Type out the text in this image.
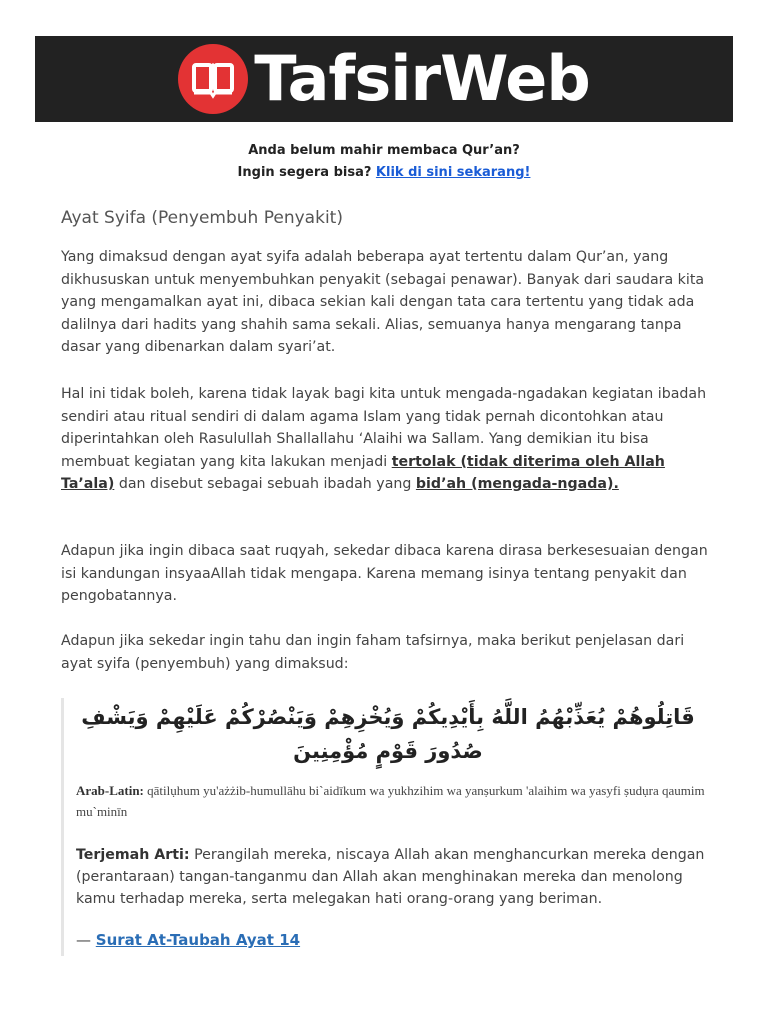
TafsirWeb
Anda belum mahir membaca Qur’an?
Ingin segera bisa? Klik di sini sekarang!
Ayat Syifa (Penyembuh Penyakit)

Yang dimaksud dengan ayat syifa adalah beberapa ayat tertentu dalam Qur’an, yang dikhususkan untuk menyembuhkan penyakit (sebagai penawar). Banyak dari saudara kita yang mengamalkan ayat ini, dibaca sekian kali dengan tata cara tertentu yang tidak ada dalilnya dari hadits yang shahih sama sekali. Alias, semuanya hanya mengarang tanpa dasar yang dibenarkan dalam syari’at.

Hal ini tidak boleh, karena tidak layak bagi kita untuk mengada-ngadakan kegiatan ibadah sendiri atau ritual sendiri di dalam agama Islam yang tidak pernah dicontohkan atau diperintahkan oleh Rasulullah Shallallahu ‘Alaihi wa Sallam. Yang demikian itu bisa membuat kegiatan yang kita lakukan menjadi tertolak (tidak diterima oleh Allah Ta’ala) dan disebut sebagai sebuah ibadah yang bid’ah (mengada-ngada).

Adapun jika ingin dibaca saat ruqyah, sekedar dibaca karena dirasa berkesesuaian dengan isi kandungan insyaaAllah tidak mengapa. Karena memang isinya tentang penyakit dan pengobatannya.

Adapun jika sekedar ingin tahu dan ingin faham tafsirnya, maka berikut penjelasan dari ayat syifa (penyembuh) yang dimaksud:

قَاتِلُوهُمْ يُعَذِّبْهُمُ اللَّهُ بِأَيْدِيكُمْ وَيُخْزِهِمْ وَيَنْصُرْكُمْ عَلَيْهِمْ وَيَشْفِ صُدُورَ قَوْمٍ مُؤْمِنِينَ
Arab-Latin: qātilụhum yu'ażżib-humullāhu bi`aidīkum wa yukhzihim wa yanṣurkum 'alaihim wa yasyfi ṣudụra qaumim mu`minīn
Terjemah Arti: Perangilah mereka, niscaya Allah akan menghancurkan mereka dengan (perantaraan) tangan-tanganmu dan Allah akan menghinakan mereka dan menolong kamu terhadap mereka, serta melegakan hati orang-orang yang beriman.
— Surat At-Taubah Ayat 14
